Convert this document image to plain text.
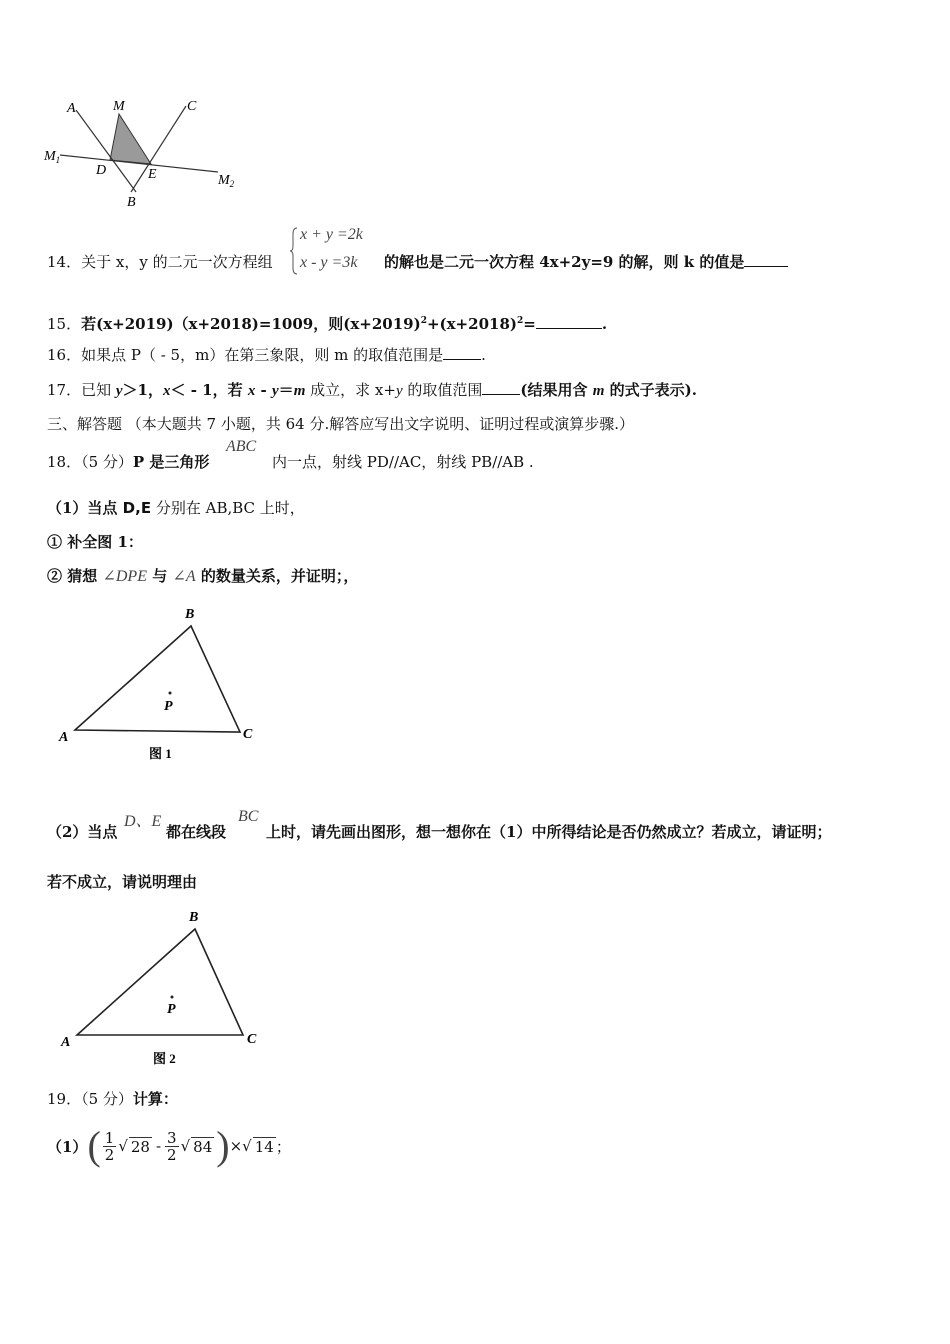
A	M	C
$M_1$
D	E	$M_2$
B
14．关于 x，y 的二元一次方程组
x + y =2k
x - y =3k 的解也是二元一次方程 4x+2y=9 的解，则 k 的值是
15．若(x+2019)（x+2018)=1009，则$(x+2019)^2+(x+2018)^2=$	.
16．如果点 P（ - 5，m）在第三象限，则 m 的取值范围是	.
17．已知 y＞1，x＜ - 1，若 x - y＝m 成立，求 x+y 的取值范围	(结果用含 m 的式子表示).
三、解答题 （本大题共 7 小题，共 64 分.解答应写出文字说明、证明过程或演算步骤.）
18．（5 分）P 是三角形
ABC
内一点，射线 PD//AC，射线 PB//AB .
（1）当点 D,E 分别在 AB,BC 上时，
① 补全图 1：
② 猜想 ∠DPE 与 ∠A 的数量关系，并证明；，
B
P
A	C
图 1
（2）当点
D、E
都在线段
BC
上时，请先画出图形，想一想你在（1）中所得结论是否仍然成立？若成立，请证明；
若不成立，请说明理由
B
P
A	C
图 2
19．（5 分）计算：
（1） ( $\frac{1}{2}$ √ $28 - \frac{3}{2}$ √ 84 ) × √ 14 ；
